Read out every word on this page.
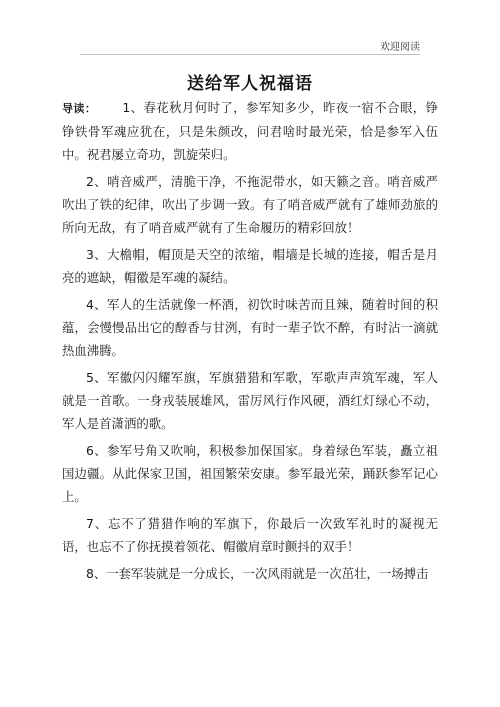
欢迎阅读
送给军人祝福语

导读： 1、春花秋月何时了，参军知多少，昨夜一宿不合眼，铮铮铁骨军魂应犹在，只是朱颜改，问君啥时最光荣，恰是参军入伍中。祝君屡立奇功，凯旋荣归。

2、哨音威严，清脆干净，不拖泥带水，如天籁之音。哨音威严吹出了铁的纪律，吹出了步调一致。有了哨音威严就有了雄师劲旅的所向无敌，有了哨音威严就有了生命履历的精彩回放！

3、大檐帽，帽顶是天空的浓缩，帽墙是长城的连接，帽舌是月亮的遮缺，帽徽是军魂的凝结。

4、军人的生活就像一杯酒，初饮时味苦而且辣，随着时间的积蕴，会慢慢品出它的醇香与甘洌，有时一辈子饮不醉，有时沾一滴就热血沸腾。

5、军徽闪闪耀军旗，军旗猎猎和军歌，军歌声声筑军魂，军人就是一首歌。一身戎装展雄风，雷厉风行作风硬，酒红灯绿心不动，军人是首潇洒的歌。

6、参军号角又吹响，积极参加保国家。身着绿色军装，矗立祖国边疆。从此保家卫国，祖国繁荣安康。参军最光荣，踊跃参军记心上。

7、忘不了猎猎作响的军旗下，你最后一次致军礼时的凝视无语，也忘不了你抚摸着领花、帽徽肩章时颤抖的双手！

8、一套军装就是一分成长，一次风雨就是一次茁壮，一场搏击
